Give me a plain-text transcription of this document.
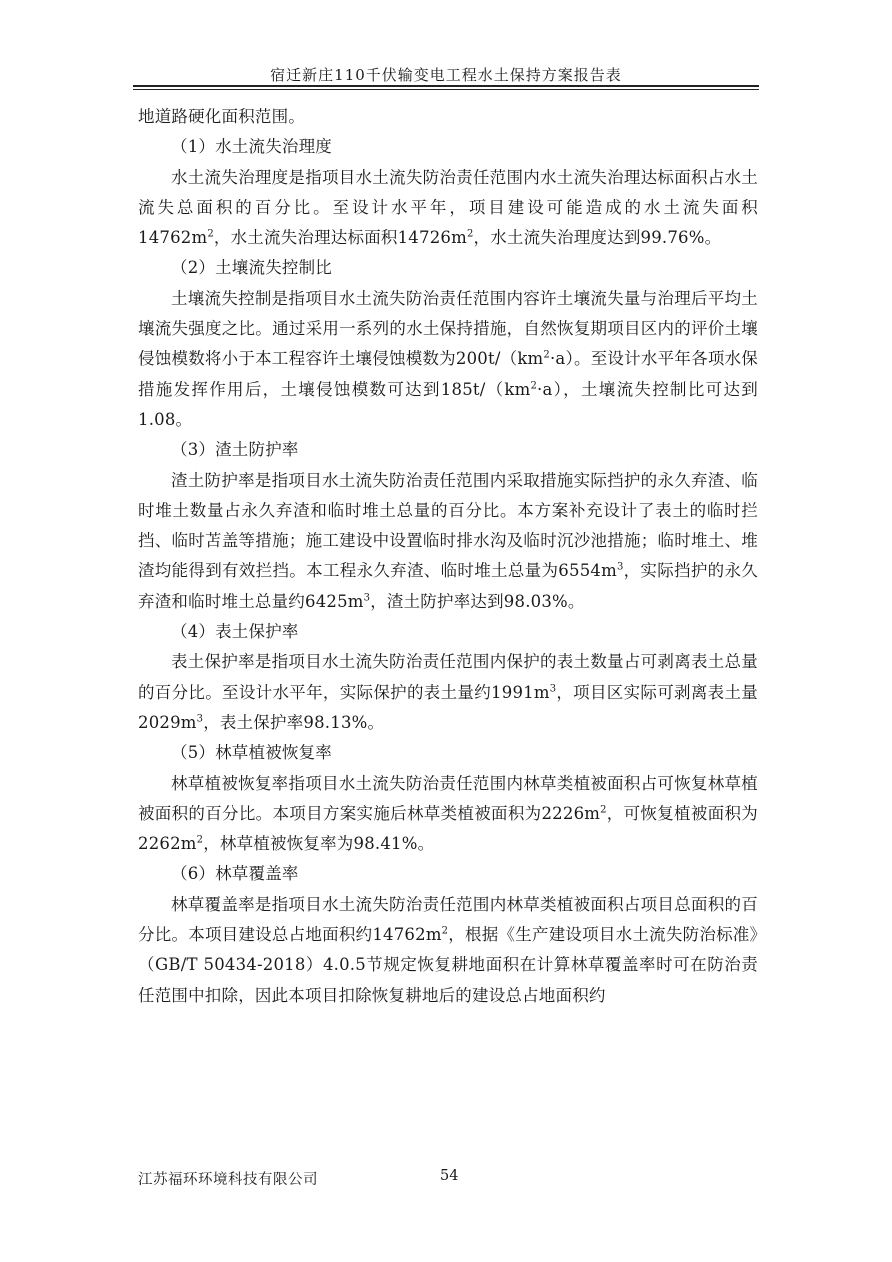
宿迁新庄110千伏输变电工程水土保持方案报告表

地道路硬化面积范围。

（1）水土流失治理度

水土流失治理度是指项目水土流失防治责任范围内水土流失治理达标面积占水土流失总面积的百分比。至设计水平年，项目建设可能造成的水土流失面积$14762m^2$，水土流失治理达标面积$14726m^2$，水土流失治理度达到99.76%。

（2）土壤流失控制比

土壤流失控制是指项目水土流失防治责任范围内容许土壤流失量与治理后平均土壤流失强度之比。通过采用一系列的水土保持措施，自然恢复期项目区内的评价土壤侵蚀模数将小于本工程容许土壤侵蚀模数为$200t/(km^2\cdot a)$。至设计水平年各项水保措施发挥作用后，土壤侵蚀模数可达到$185t/(km^2\cdot a)$，土壤流失控制比可达到1.08。

（3）渣土防护率

渣土防护率是指项目水土流失防治责任范围内采取措施实际挡护的永久弃渣、临时堆土数量占永久弃渣和临时堆土总量的百分比。本方案补充设计了表土的临时拦挡、临时苫盖等措施；施工建设中设置临时排水沟及临时沉沙池措施；临时堆土、堆渣均能得到有效拦挡。本工程永久弃渣、临时堆土总量为$6554m^3$，实际挡护的永久弃渣和临时堆土总量约$6425m^3$，渣土防护率达到98.03%。

（4）表土保护率

表土保护率是指项目水土流失防治责任范围内保护的表土数量占可剥离表土总量的百分比。至设计水平年，实际保护的表土量约$1991m^3$，项目区实际可剥离表土量$2029m^3$，表土保护率98.13%。

（5）林草植被恢复率

林草植被恢复率指项目水土流失防治责任范围内林草类植被面积占可恢复林草植被面积的百分比。本项目方案实施后林草类植被面积为$2226m^2$，可恢复植被面积为$2262m^2$，林草植被恢复率为98.41%。

（6）林草覆盖率

林草覆盖率是指项目水土流失防治责任范围内林草类植被面积占项目总面积的百分比。本项目建设总占地面积约$14762m^2$，根据《生产建设项目水土流失防治标准》（GB/T 50434-2018）4.0.5节规定恢复耕地面积在计算林草覆盖率时可在防治责任范围中扣除，因此本项目扣除恢复耕地后的建设总占地面积约

江苏福环环境科技有限公司	54
